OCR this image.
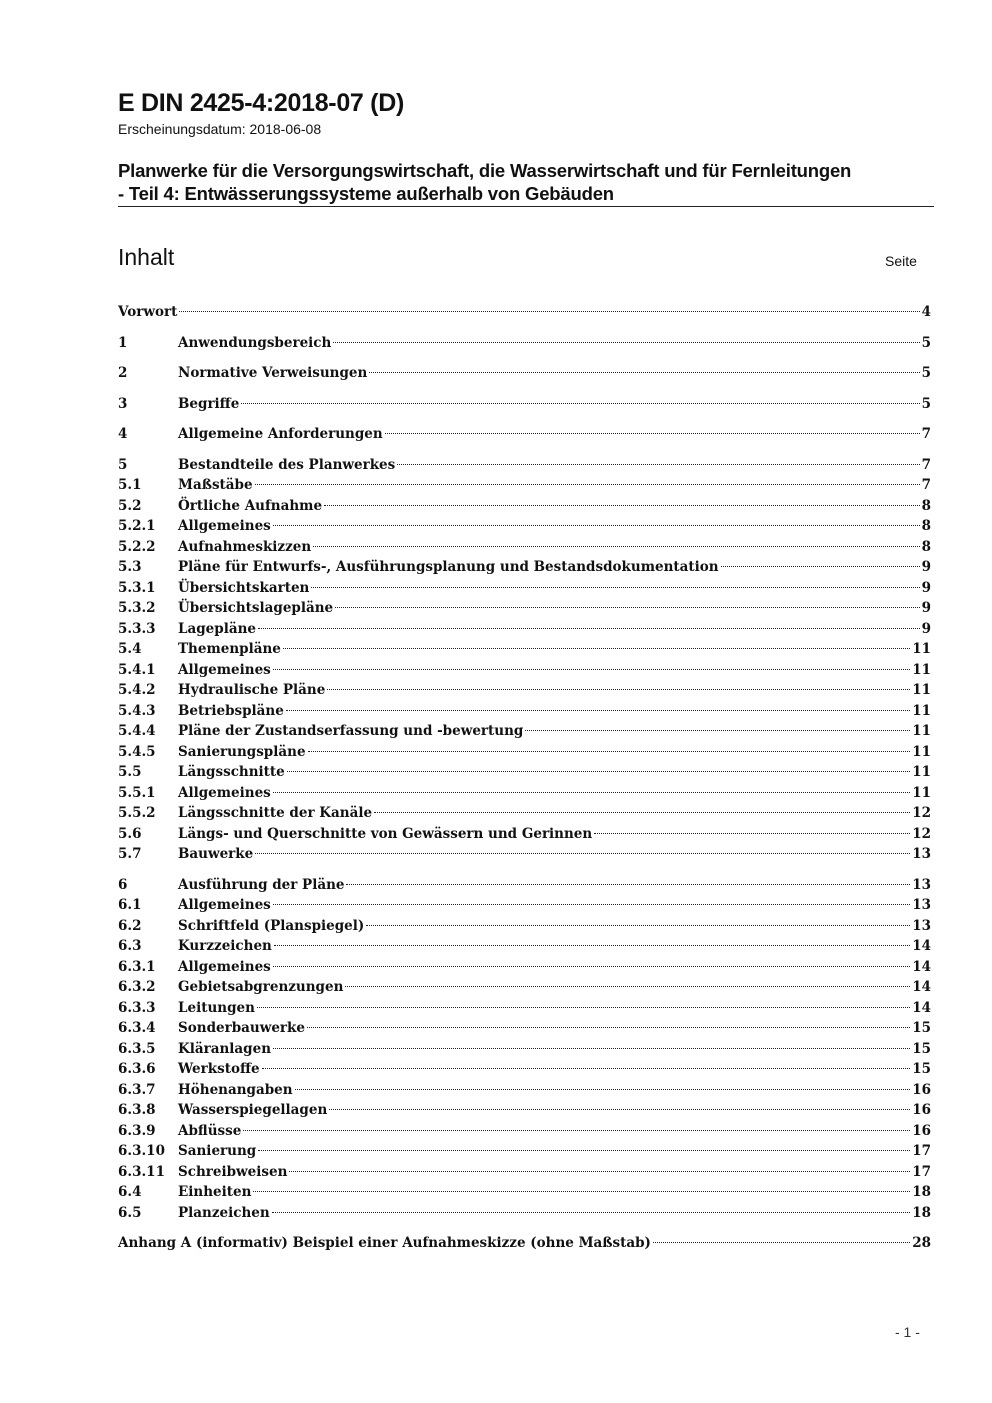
E DIN 2425-4:2018-07 (D)
Erscheinungsdatum: 2018-06-08
Planwerke für die Versorgungswirtschaft, die Wasserwirtschaft und für Fernleitungen
- Teil 4: Entwässerungssysteme außerhalb von Gebäuden
Inhalt	Seite
Vorwort	4
1	Anwendungsbereich	5
2	Normative Verweisungen	5
3	Begriffe	5
4	Allgemeine Anforderungen	7
5	Bestandteile des Planwerkes	7
5.1	Maßstäbe	7
5.2	Örtliche Aufnahme	8
5.2.1	Allgemeines	8
5.2.2	Aufnahmeskizzen	8
5.3	Pläne für Entwurfs-, Ausführungsplanung und Bestandsdokumentation	9
5.3.1	Übersichtskarten	9
5.3.2	Übersichtslagepläne	9
5.3.3	Lagepläne	9
5.4	Themenpläne	11
5.4.1	Allgemeines	11
5.4.2	Hydraulische Pläne	11
5.4.3	Betriebspläne	11
5.4.4	Pläne der Zustandserfassung und -bewertung	11
5.4.5	Sanierungspläne	11
5.5	Längsschnitte	11
5.5.1	Allgemeines	11
5.5.2	Längsschnitte der Kanäle	12
5.6	Längs- und Querschnitte von Gewässern und Gerinnen	12
5.7	Bauwerke	13
6	Ausführung der Pläne	13
6.1	Allgemeines	13
6.2	Schriftfeld (Planspiegel)	13
6.3	Kurzzeichen	14
6.3.1	Allgemeines	14
6.3.2	Gebietsabgrenzungen	14
6.3.3	Leitungen	14
6.3.4	Sonderbauwerke	15
6.3.5	Kläranlagen	15
6.3.6	Werkstoffe	15
6.3.7	Höhenangaben	16
6.3.8	Wasserspiegellagen	16
6.3.9	Abflüsse	16
6.3.10 Sanierung	17
6.3.11 Schreibweisen	17
6.4	Einheiten	18
6.5	Planzeichen	18
Anhang A (informativ) Beispiel einer Aufnahmeskizze (ohne Maßstab)	28
- 1 -
